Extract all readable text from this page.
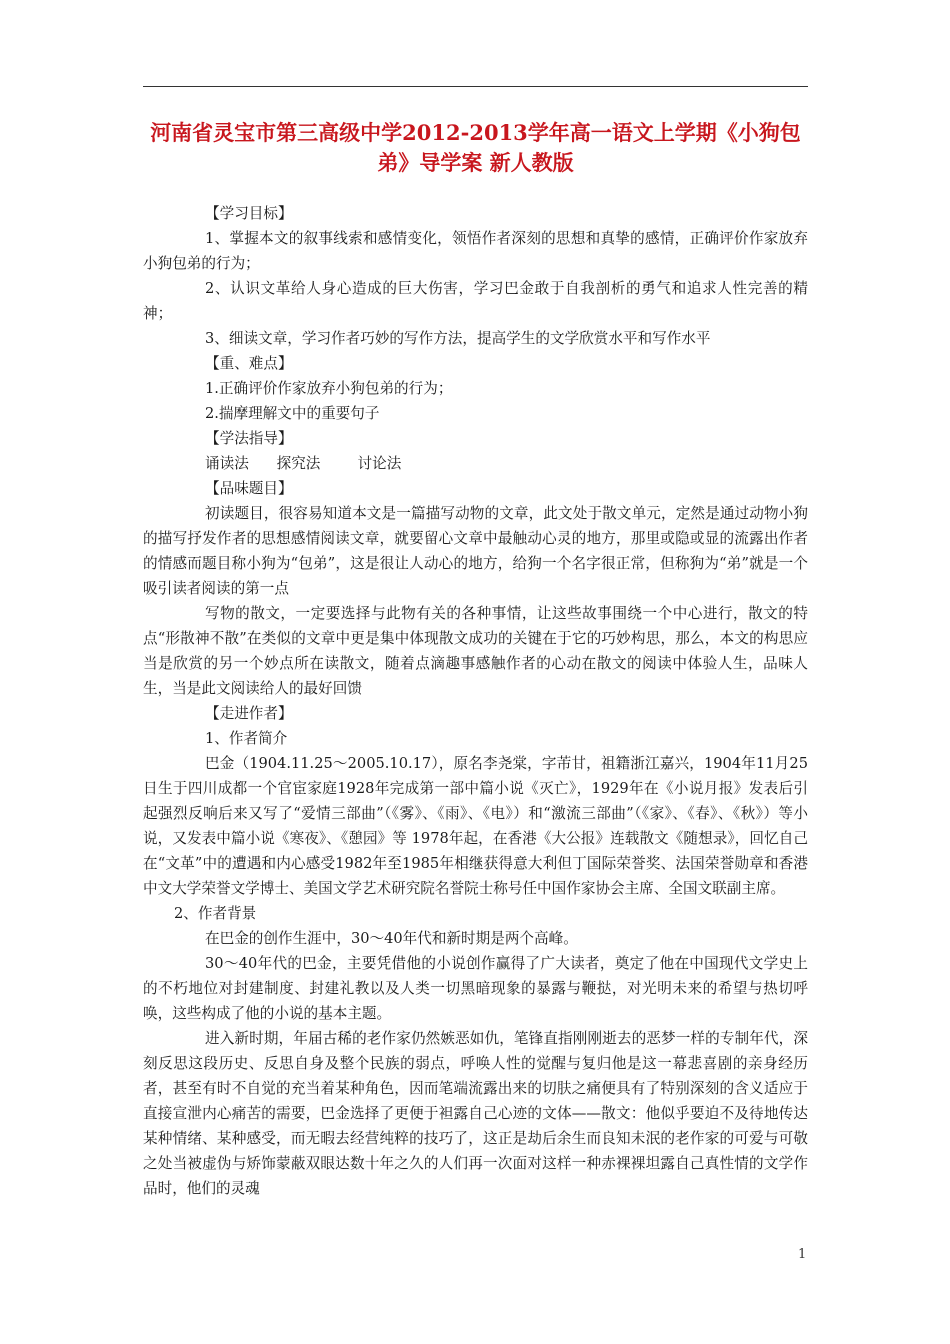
河南省灵宝市第三高级中学2012-2013学年高一语文上学期《小狗包弟》导学案 新人教版

【学习目标】

1、掌握本文的叙事线索和感情变化，领悟作者深刻的思想和真挚的感情，正确评价作家放弃小狗包弟的行为；

2、认识文革给人身心造成的巨大伤害，学习巴金敢于自我剖析的勇气和追求人性完善的精神；

3、细读文章，学习作者巧妙的写作方法，提高学生的文学欣赏水平和写作水平

【重、难点】

1.正确评价作家放弃小狗包弟的行为；

2.揣摩理解文中的重要句子

【学法指导】

诵读法      探究法        讨论法

【品味题目】

初读题目，很容易知道本文是一篇描写动物的文章，此文处于散文单元，定然是通过动物小狗的描写抒发作者的思想感情阅读文章，就要留心文章中最触动心灵的地方，那里或隐或显的流露出作者的情感而题目称小狗为“包弟”，这是很让人动心的地方，给狗一个名字很正常，但称狗为“弟”就是一个吸引读者阅读的第一点

写物的散文，一定要选择与此物有关的各种事情，让这些故事围绕一个中心进行，散文的特点“形散神不散”在类似的文章中更是集中体现散文成功的关键在于它的巧妙构思，那么，本文的构思应当是欣赏的另一个妙点所在读散文，随着点滴趣事感触作者的心动在散文的阅读中体验人生，品味人生，当是此文阅读给人的最好回馈

【走进作者】

1、作者简介

巴金（1904.11.25～2005.10.17），原名李尧棠，字芾甘，祖籍浙江嘉兴，1904年11月25日生于四川成都一个官宦家庭1928年完成第一部中篇小说《灭亡》，1929年在《小说月报》发表后引起强烈反响后来又写了“爱情三部曲”（《雾》、《雨》、《电》）和“激流三部曲”（《家》、《春》、《秋》）等小说，又发表中篇小说《寒夜》、《憩园》等 1978年起，在香港《大公报》连载散文《随想录》，回忆自己在“文革”中的遭遇和内心感受1982年至1985年相继获得意大利但丁国际荣誉奖、法国荣誉勋章和香港中文大学荣誉文学博士、美国文学艺术研究院名誉院士称号任中国作家协会主席、全国文联副主席。

2、作者背景

在巴金的创作生涯中，30～40年代和新时期是两个高峰。

30～40年代的巴金，主要凭借他的小说创作赢得了广大读者，奠定了他在中国现代文学史上的不朽地位对封建制度、封建礼教以及人类一切黑暗现象的暴露与鞭挞，对光明未来的希望与热切呼唤，这些构成了他的小说的基本主题。

进入新时期，年届古稀的老作家仍然嫉恶如仇，笔锋直指刚刚逝去的恶梦一样的专制年代，深刻反思这段历史、反思自身及整个民族的弱点，呼唤人性的觉醒与复归他是这一幕悲喜剧的亲身经历者，甚至有时不自觉的充当着某种角色，因而笔端流露出来的切肤之痛便具有了特别深刻的含义适应于直接宣泄内心痛苦的需要，巴金选择了更便于袒露自己心迹的文体——散文：他似乎要迫不及待地传达某种情绪、某种感受，而无暇去经营纯粹的技巧了，这正是劫后余生而良知未泯的老作家的可爱与可敬之处当被虚伪与矫饰蒙蔽双眼达数十年之久的人们再一次面对这样一种赤裸裸坦露自己真性情的文学作品时，他们的灵魂

1
